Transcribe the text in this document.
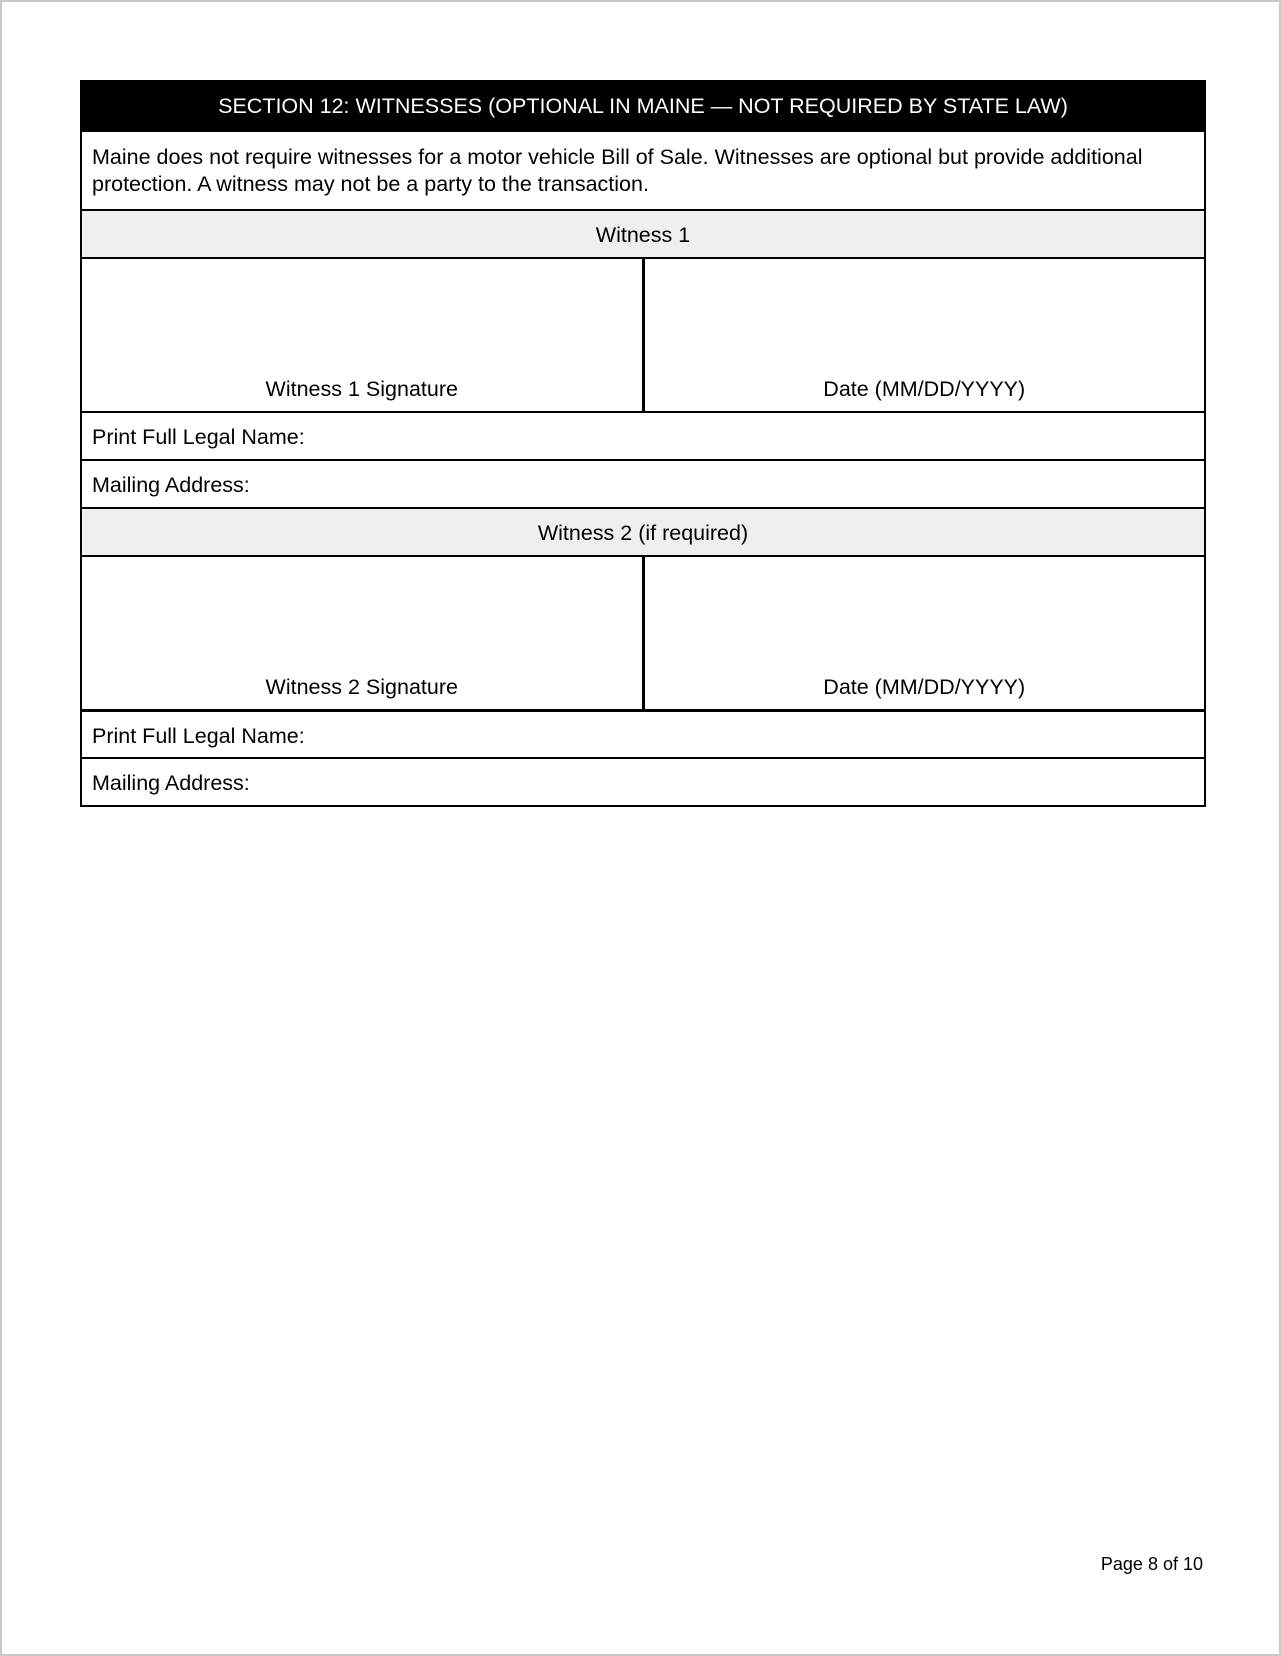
SECTION 12: WITNESSES (OPTIONAL IN MAINE — NOT REQUIRED BY STATE LAW)
Maine does not require witnesses for a motor vehicle Bill of Sale. Witnesses are optional but provide additional protection. A witness may not be a party to the transaction.
Witness 1
Witness 1 Signature	Date (MM/DD/YYYY)
Print Full Legal Name:
Mailing Address:
Witness 2 (if required)
Witness 2 Signature	Date (MM/DD/YYYY)
Print Full Legal Name:
Mailing Address:
Page 8 of 10
